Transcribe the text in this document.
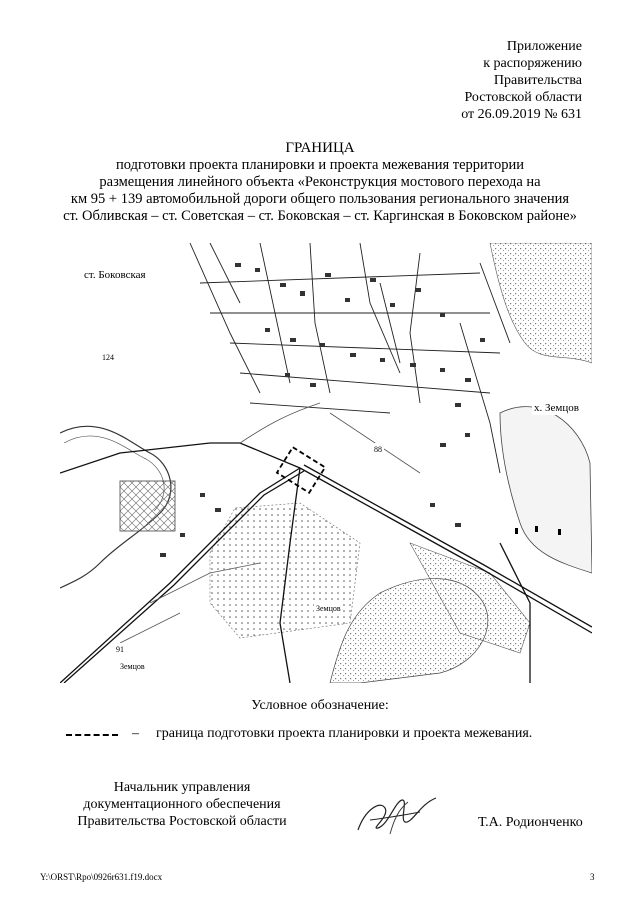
Приложение
к распоряжению
Правительства
Ростовской области
от 26.09.2019 № 631
ГРАНИЦА
подготовки проекта планировки и проекта межевания территории
размещения линейного объекта «Реконструкция мостового перехода на
км 95 + 139 автомобильной дороги общего пользования регионального значения
ст. Обливская – ст. Советская – ст. Боковская – ст. Каргинская в Боковском районе»
ст. Боковская
х. Земцов
Земцов
Земцов
124
88
91
Условное обозначение:
– граница подготовки проекта планировки и проекта межевания.
Начальник управления
документационного обеспечения
Правительства Ростовской области	Т.А. Родионченко
Y:\ORST\Rpo\0926r631.f19.docx	3
